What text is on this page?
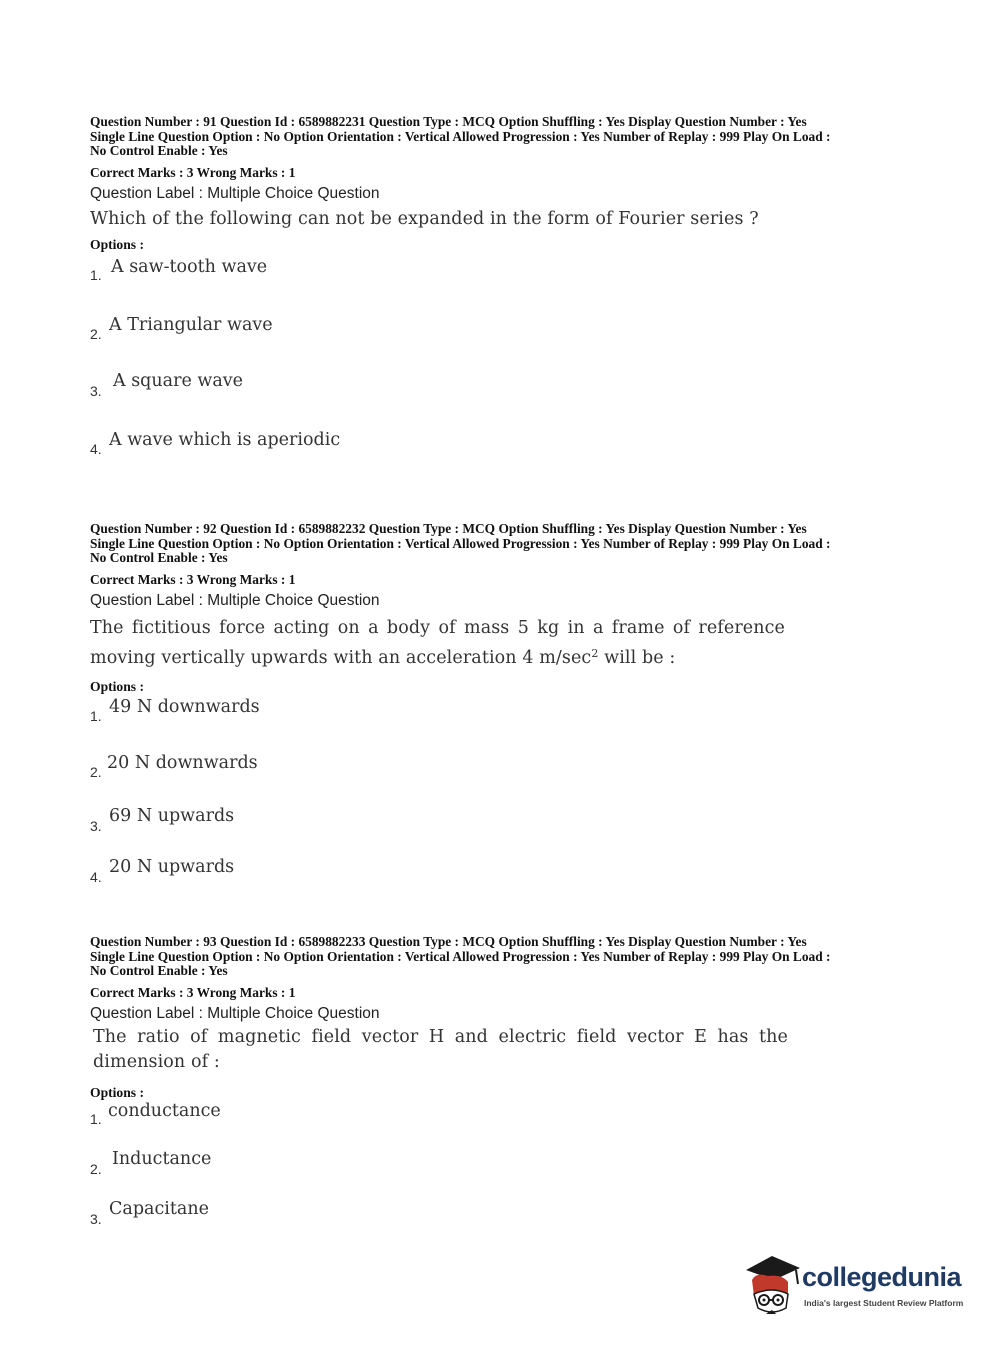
Question Number : 91 Question Id : 6589882231 Question Type : MCQ Option Shuffling : Yes Display Question Number : Yes
Single Line Question Option : No Option Orientation : Vertical Allowed Progression : Yes Number of Replay : 999 Play On Load :
No Control Enable : Yes
Correct Marks : 3 Wrong Marks : 1
Question Label : Multiple Choice Question
Which of the following can not be expanded in the form of Fourier series ?
Options :
1. A saw-tooth wave
2. A Triangular wave
3. A square wave
4. A wave which is aperiodic
Question Number : 92 Question Id : 6589882232 Question Type : MCQ Option Shuffling : Yes Display Question Number : Yes
Single Line Question Option : No Option Orientation : Vertical Allowed Progression : Yes Number of Replay : 999 Play On Load :
No Control Enable : Yes
Correct Marks : 3 Wrong Marks : 1
Question Label : Multiple Choice Question
The fictitious force acting on a body of mass 5 kg in a frame of reference
moving vertically upwards with an acceleration 4 $m/\sec^2$ will be :
Options :
1. 49 N downwards
2. 20 N downwards
3. 69 N upwards
4. 20 N upwards
Question Number : 93 Question Id : 6589882233 Question Type : MCQ Option Shuffling : Yes Display Question Number : Yes
Single Line Question Option : No Option Orientation : Vertical Allowed Progression : Yes Number of Replay : 999 Play On Load :
No Control Enable : Yes
Correct Marks : 3 Wrong Marks : 1
Question Label : Multiple Choice Question
The ratio of magnetic field vector H and electric field vector E has the dimension of :
Options :
1. conductance
2. Inductance
3. Capacitane
collegedunia
India's largest Student Review Platform
